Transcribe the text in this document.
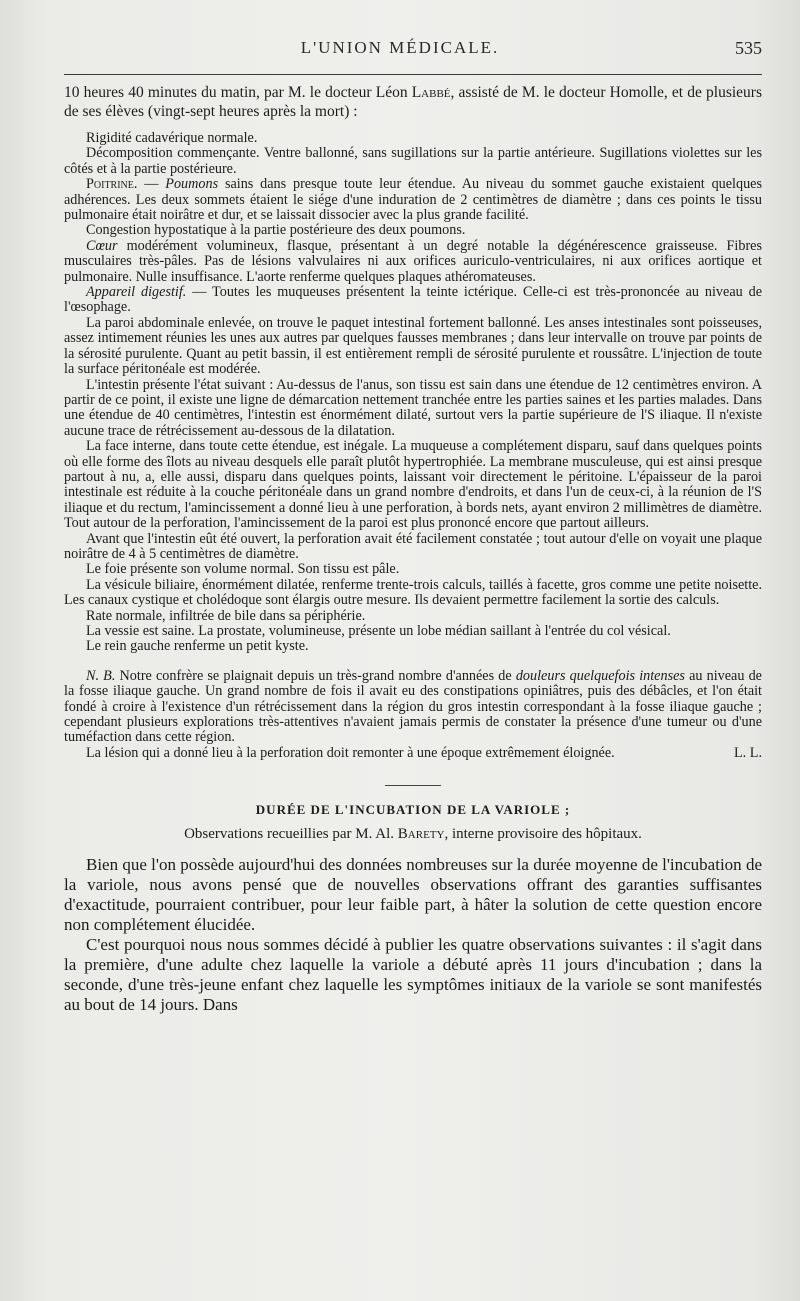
L'UNION MÉDICALE.	535

10 heures 40 minutes du matin, par M. le docteur Léon Labbé, assisté de M. le docteur Homolle, et de plusieurs de ses élèves (vingt-sept heures après la mort) :

Rigidité cadavérique normale.

Décomposition commençante. Ventre ballonné, sans sugillations sur la partie antérieure. Sugillations violettes sur les côtés et à la partie postérieure.

Poitrine. — Poumons sains dans presque toute leur étendue. Au niveau du sommet gauche existaient quelques adhérences. Les deux sommets étaient le siége d'une induration de 2 centimètres de diamètre ; dans ces points le tissu pulmonaire était noirâtre et dur, et se laissait dissocier avec la plus grande facilité.

Congestion hypostatique à la partie postérieure des deux poumons.

Cœur modérément volumineux, flasque, présentant à un degré notable la dégénérescence graisseuse. Fibres musculaires très-pâles. Pas de lésions valvulaires ni aux orifices auriculo-ventriculaires, ni aux orifices aortique et pulmonaire. Nulle insuffisance. L'aorte renferme quelques plaques athéromateuses.

Appareil digestif. — Toutes les muqueuses présentent la teinte ictérique. Celle-ci est très-prononcée au niveau de l'œsophage.

La paroi abdominale enlevée, on trouve le paquet intestinal fortement ballonné. Les anses intestinales sont poisseuses, assez intimement réunies les unes aux autres par quelques fausses membranes ; dans leur intervalle on trouve par points de la sérosité purulente. Quant au petit bassin, il est entièrement rempli de sérosité purulente et roussâtre. L'injection de toute la surface péritonéale est modérée.

L'intestin présente l'état suivant : Au-dessus de l'anus, son tissu est sain dans une étendue de 12 centimètres environ. A partir de ce point, il existe une ligne de démarcation nettement tranchée entre les parties saines et les parties malades. Dans une étendue de 40 centimètres, l'intestin est énormément dilaté, surtout vers la partie supérieure de l'S iliaque. Il n'existe aucune trace de rétrécissement au-dessous de la dilatation.

La face interne, dans toute cette étendue, est inégale. La muqueuse a complétement disparu, sauf dans quelques points où elle forme des îlots au niveau desquels elle paraît plutôt hypertrophiée. La membrane musculeuse, qui est ainsi presque partout à nu, a, elle aussi, disparu dans quelques points, laissant voir directement le péritoine. L'épaisseur de la paroi intestinale est réduite à la couche péritonéale dans un grand nombre d'endroits, et dans l'un de ceux-ci, à la réunion de l'S iliaque et du rectum, l'amincissement a donné lieu à une perforation, à bords nets, ayant environ 2 millimètres de diamètre. Tout autour de la perforation, l'amincissement de la paroi est plus prononcé encore que partout ailleurs.

Avant que l'intestin eût été ouvert, la perforation avait été facilement constatée ; tout autour d'elle on voyait une plaque noirâtre de 4 à 5 centimètres de diamètre.

Le foie présente son volume normal. Son tissu est pâle.

La vésicule biliaire, énormément dilatée, renferme trente-trois calculs, taillés à facette, gros comme une petite noisette. Les canaux cystique et cholédoque sont élargis outre mesure. Ils devaient permettre facilement la sortie des calculs.

Rate normale, infiltrée de bile dans sa périphérie.

La vessie est saine. La prostate, volumineuse, présente un lobe médian saillant à l'entrée du col vésical.

Le rein gauche renferme un petit kyste.

N. B. Notre confrère se plaignait depuis un très-grand nombre d'années de douleurs quelquefois intenses au niveau de la fosse iliaque gauche. Un grand nombre de fois il avait eu des constipations opiniâtres, puis des débâcles, et l'on était fondé à croire à l'existence d'un rétrécissement dans la région du gros intestin correspondant à la fosse iliaque gauche ; cependant plusieurs explorations très-attentives n'avaient jamais permis de constater la présence d'une tumeur ou d'une tuméfaction dans cette région.

La lésion qui a donné lieu à la perforation doit remonter à une époque extrêmement éloignée.	L. L.

DURÉE DE L'INCUBATION DE LA VARIOLE ;
Observations recueillies par M. Al. Barety, interne provisoire des hôpitaux.

Bien que l'on possède aujourd'hui des données nombreuses sur la durée moyenne de l'incubation de la variole, nous avons pensé que de nouvelles observations offrant des garanties suffisantes d'exactitude, pourraient contribuer, pour leur faible part, à hâter la solution de cette question encore non complétement élucidée.

C'est pourquoi nous nous sommes décidé à publier les quatre observations suivantes : il s'agit dans la première, d'une adulte chez laquelle la variole a débuté après 11 jours d'incubation ; dans la seconde, d'une très-jeune enfant chez laquelle les symptômes initiaux de la variole se sont manifestés au bout de 14 jours. Dans
